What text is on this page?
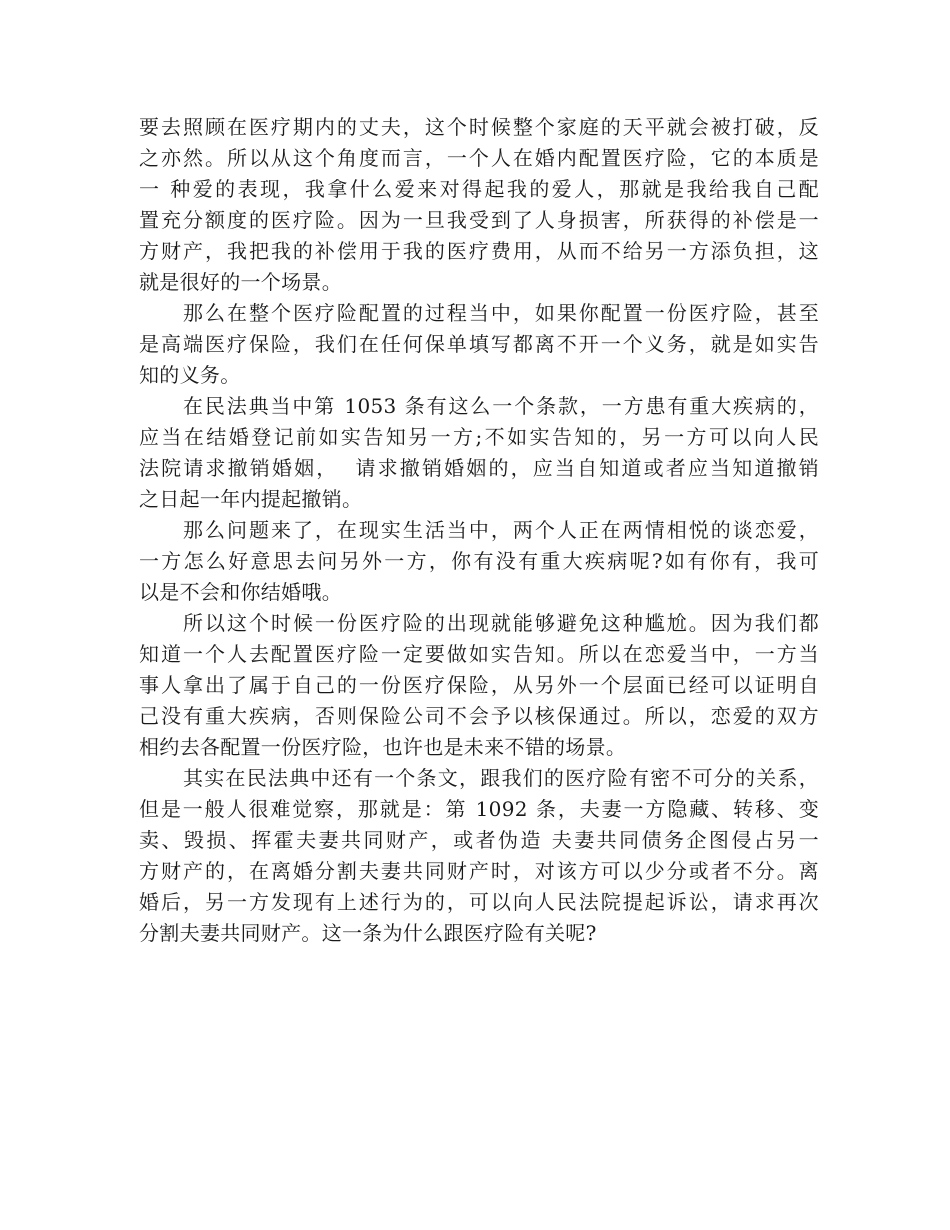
要去照顾在医疗期内的丈夫，这个时候整个家庭的天平就会被打破，反
之亦然。所以从这个角度而言，一个人在婚内配置医疗险，它的本质是
一 种爱的表现，我拿什么爱来对得起我的爱人，那就是我给我自己配
置充分额度的医疗险。因为一旦我受到了人身损害，所获得的补偿是一
方财产，我把我的补偿用于我的医疗费用，从而不给另一方添负担，这
就是很好的一个场景。
那么在整个医疗险配置的过程当中，如果你配置一份医疗险，甚至
是高端医疗保险，我们在任何保单填写都离不开一个义务，就是如实告
知的义务。
在民法典当中第 1053 条有这么一个条款，一方患有重大疾病的，
应当在结婚登记前如实告知另一方;不如实告知的，另一方可以向人民
法院请求撤销婚姻，  请求撤销婚姻的，应当自知道或者应当知道撤销
之日起一年内提起撤销。
那么问题来了，在现实生活当中，两个人正在两情相悦的谈恋爱，
一方怎么好意思去问另外一方，你有没有重大疾病呢?如有你有，我可
以是不会和你结婚哦。
所以这个时候一份医疗险的出现就能够避免这种尴尬。因为我们都
知道一个人去配置医疗险一定要做如实告知。所以在恋爱当中，一方当
事人拿出了属于自己的一份医疗保险，从另外一个层面已经可以证明自
己没有重大疾病，否则保险公司不会予以核保通过。所以，恋爱的双方
相约去各配置一份医疗险，也许也是未来不错的场景。
其实在民法典中还有一个条文，跟我们的医疗险有密不可分的关系，
但是一般人很难觉察，那就是：第 1092 条，夫妻一方隐藏、转移、变
卖、毁损、挥霍夫妻共同财产，或者伪造 夫妻共同债务企图侵占另一
方财产的，在离婚分割夫妻共同财产时，对该方可以少分或者不分。离
婚后，另一方发现有上述行为的，可以向人民法院提起诉讼，请求再次
分割夫妻共同财产。这一条为什么跟医疗险有关呢?
